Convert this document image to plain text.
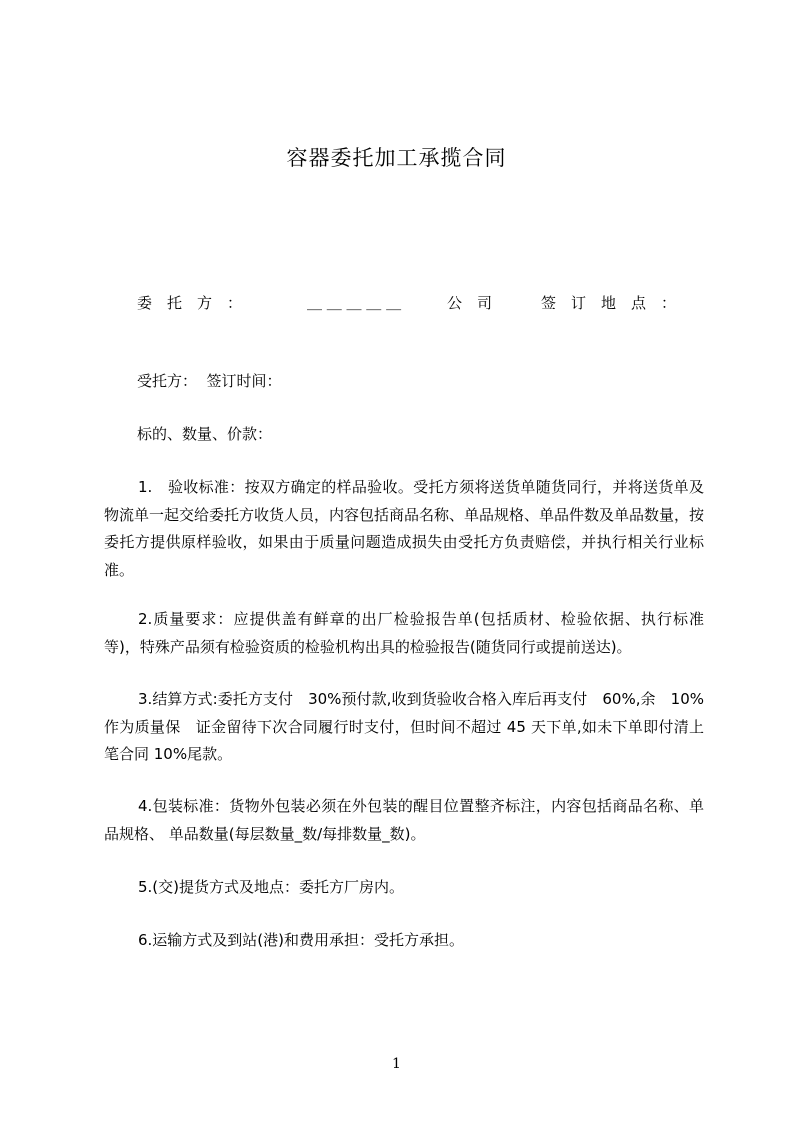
容器委托加工承揽合同
委　托　方　：	＿ ＿ ＿ ＿ ＿	公　司	签　订　地　点　：
受托方：  签订时间：
标的、数量、价款：
1.　验收标准：按双方确定的样品验收。受托方须将送货单随货同行，并将送货单及物流单一起交给委托方收货人员，内容包括商品名称、单品规格、单品件数及单品数量，按委托方提供原样验收，如果由于质量问题造成损失由受托方负责赔偿，并执行相关行业标准。
2.质量要求：应提供盖有鲜章的出厂检验报告单(包括质材、检验依据、执行标准等)，特殊产品须有检验资质的检验机构出具的检验报告(随货同行或提前送达)。
3.结算方式:委托方支付　30%预付款,收到货验收合格入库后再支付　60%,余　10%作为质量保　证金留待下次合同履行时支付，但时间不超过 45 天下单,如未下单即付清上笔合同 10%尾款。
4.包装标准：货物外包装必须在外包装的醒目位置整齐标注，内容包括商品名称、单品规格、 单品数量(每层数量_数/每排数量_数)。
5.(交)提货方式及地点：委托方厂房内。
6.运输方式及到站(港)和费用承担：受托方承担。
1
